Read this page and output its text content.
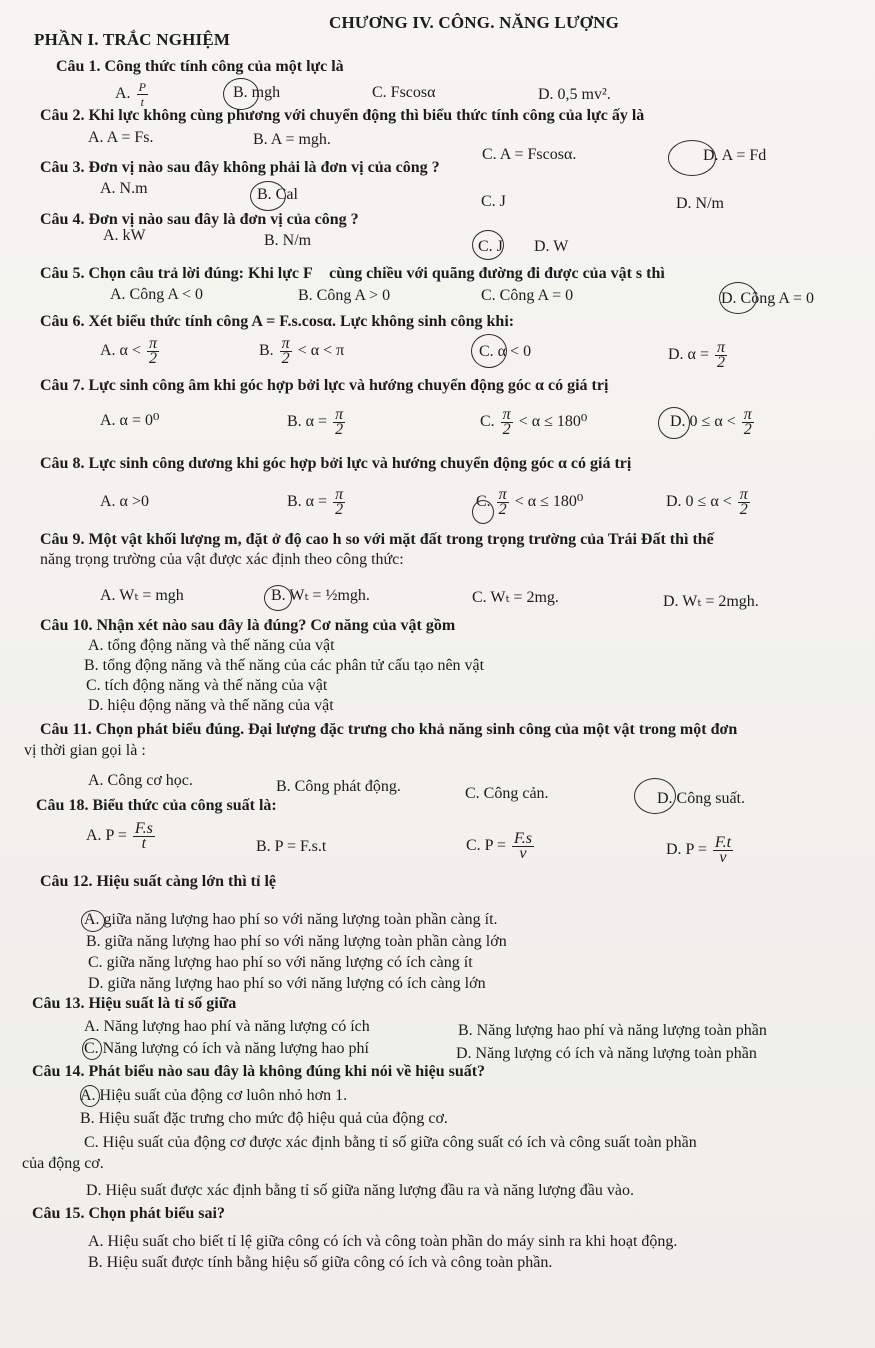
CHƯƠNG IV. CÔNG. NĂNG LƯỢNG
PHẦN I. TRẮC NGHIỆM
Câu 1. Công thức tính công của một lực là
A. $\frac{P}{t}$	B. mgh	C. Fscosα	D. 0,5 mv².
Câu 2. Khi lực không cùng phương với chuyển động thì biểu thức tính công của lực ấy là
A. A = Fs.	B. A = mgh.
C. A = Fscosα.	D. A = Fd
Câu 3. Đơn vị nào sau đây không phải là đơn vị của công ?
A. N.m	B. Cal	C. J	D. N/m
Câu 4. Đơn vị nào sau đây là đơn vị của công ?
A. kW	B. N/m	C. J D. W
Câu 5. Chọn câu trả lời đúng: Khi lực F⃗ cùng chiều với quãng đường đi được của vật s thì
A. Công A < 0	B. Công A > 0	C. Công A = 0	D. Công A = 0
Câu 6. Xét biểu thức tính công A = F.s.cosα. Lực không sinh công khi:
A. $\alpha < \frac{\pi}{2}$	B. $\frac{\pi}{2} < \alpha < \pi$	C. α < 0	D. $\alpha = \frac{\pi}{2}$
Câu 7. Lực sinh công âm khi góc hợp bởi lực và hướng chuyển động góc α có giá trị
A. α = 0⁰	B. $\alpha = \frac{\pi}{2}$	C. $\frac{\pi}{2} < \alpha \le 180^0$	D. $0 \le \alpha < \frac{\pi}{2}$
Câu 8. Lực sinh công dương khi góc hợp bởi lực và hướng chuyển động góc α có giá trị
A. α >0	B. $\alpha = \frac{\pi}{2}$	C. $\frac{\pi}{2} < \alpha \le 180^0$	D. $0 \le \alpha < \frac{\pi}{2}$
Câu 9. Một vật khối lượng m, đặt ở độ cao h so với mặt đất trong trọng trường của Trái Đất thì thế
năng trọng trường của vật được xác định theo công thức:
A. Wₜ = mgh	B. Wₜ = ½mgh.	C. Wₜ = 2mg.	D. Wₜ = 2mgh.
Câu 10. Nhận xét nào sau đây là đúng? Cơ năng của vật gồm
A. tổng động năng và thế năng của vật
B. tổng động năng và thế năng của các phân tử cấu tạo nên vật
C. tích động năng và thế năng của vật
D. hiệu động năng và thế năng của vật
Câu 11. Chọn phát biểu đúng. Đại lượng đặc trưng cho khả năng sinh công của một vật trong một đơn
vị thời gian gọi là :
A. Công cơ học.	B. Công phát động.	C. Công cản.	D. Công suất.
Câu 18. Biểu thức của công suất là:
A. $P = \frac{F.s}{t}$	B. P = F.s.t	C. $P = \frac{F.s}{v}$	D. $P = \frac{F.t}{v}$
Câu 12. Hiệu suất càng lớn thì tỉ lệ
A. giữa năng lượng hao phí so với năng lượng toàn phần càng ít.
B. giữa năng lượng hao phí so với năng lượng toàn phần càng lớn
C. giữa năng lượng hao phí so với năng lượng có ích càng ít
D. giữa năng lượng hao phí so với năng lượng có ích càng lớn
Câu 13. Hiệu suất là tỉ số giữa
A. Năng lượng hao phí và năng lượng có ích	B. Năng lượng hao phí và năng lượng toàn phần
C. Năng lượng có ích và năng lượng hao phí	D. Năng lượng có ích và năng lượng toàn phần
Câu 14. Phát biểu nào sau đây là không đúng khi nói về hiệu suất?
A. Hiệu suất của động cơ luôn nhỏ hơn 1.
B. Hiệu suất đặc trưng cho mức độ hiệu quả của động cơ.
C. Hiệu suất của động cơ được xác định bằng tỉ số giữa công suất có ích và công suất toàn phần
của động cơ.
D. Hiệu suất được xác định bằng tỉ số giữa năng lượng đầu ra và năng lượng đầu vào.
Câu 15. Chọn phát biểu sai?
A. Hiệu suất cho biết tỉ lệ giữa công có ích và công toàn phần do máy sinh ra khi hoạt động.
B. Hiệu suất được tính bằng hiệu số giữa công có ích và công toàn phần.
